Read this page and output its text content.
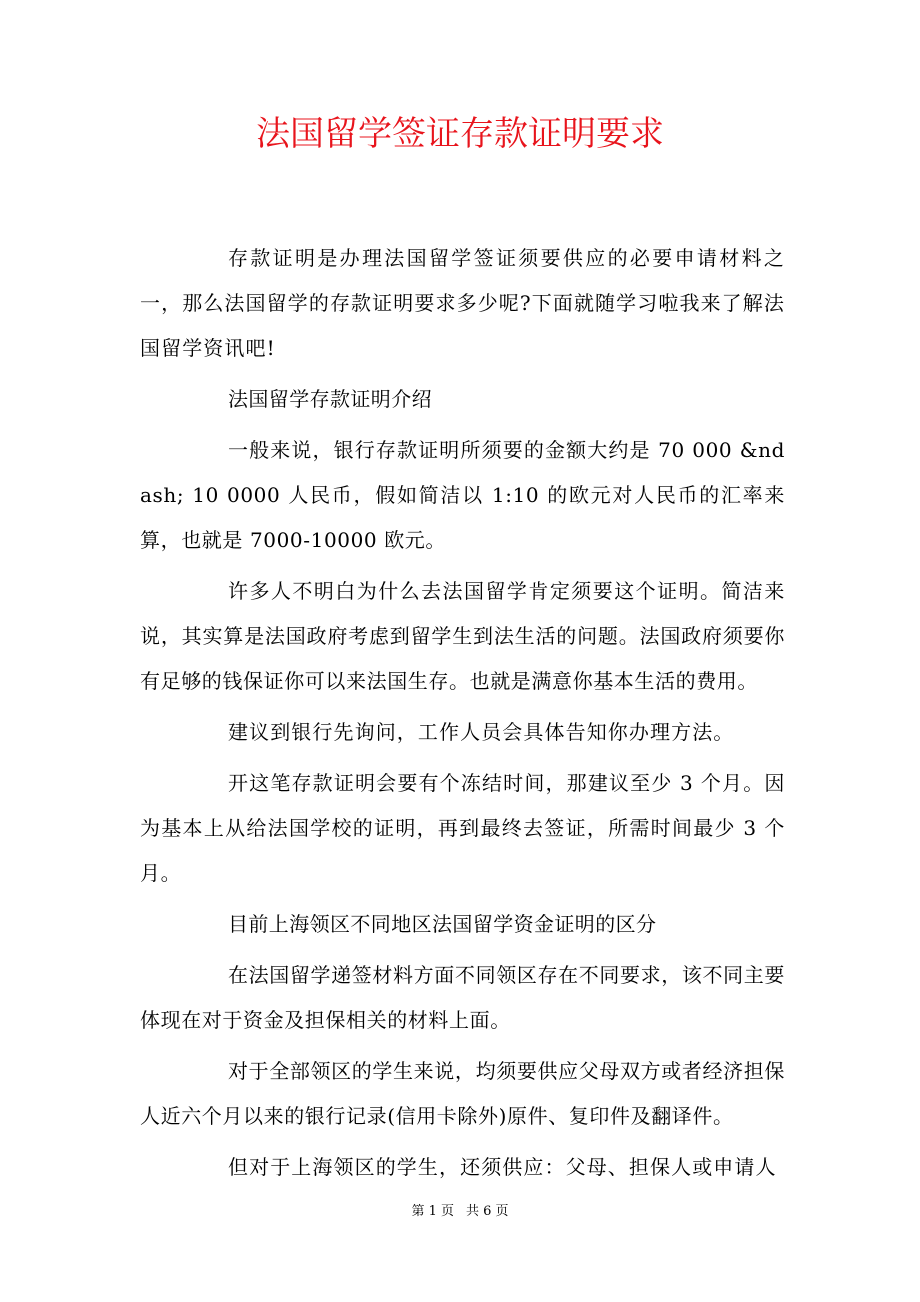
法国留学签证存款证明要求

存款证明是办理法国留学签证须要供应的必要申请材料之一，那么法国留学的存款证明要求多少呢?下面就随学习啦我来了解法国留学资讯吧!

法国留学存款证明介绍

一般来说，银行存款证明所须要的金额大约是 70 000 &ndash; 10 0000 人民币，假如简洁以 1:10 的欧元对人民币的汇率来算，也就是 7000-10000 欧元。

许多人不明白为什么去法国留学肯定须要这个证明。简洁来说，其实算是法国政府考虑到留学生到法生活的问题。法国政府须要你有足够的钱保证你可以来法国生存。也就是满意你基本生活的费用。

建议到银行先询问，工作人员会具体告知你办理方法。

开这笔存款证明会要有个冻结时间，那建议至少 3 个月。因为基本上从给法国学校的证明，再到最终去签证，所需时间最少 3 个月。

目前上海领区不同地区法国留学资金证明的区分

在法国留学递签材料方面不同领区存在不同要求，该不同主要体现在对于资金及担保相关的材料上面。

对于全部领区的学生来说，均须要供应父母双方或者经济担保人近六个月以来的银行记录(信用卡除外)原件、复印件及翻译件。

但对于上海领区的学生，还须供应：父母、担保人或申请人

第 1 页 共 6 页
